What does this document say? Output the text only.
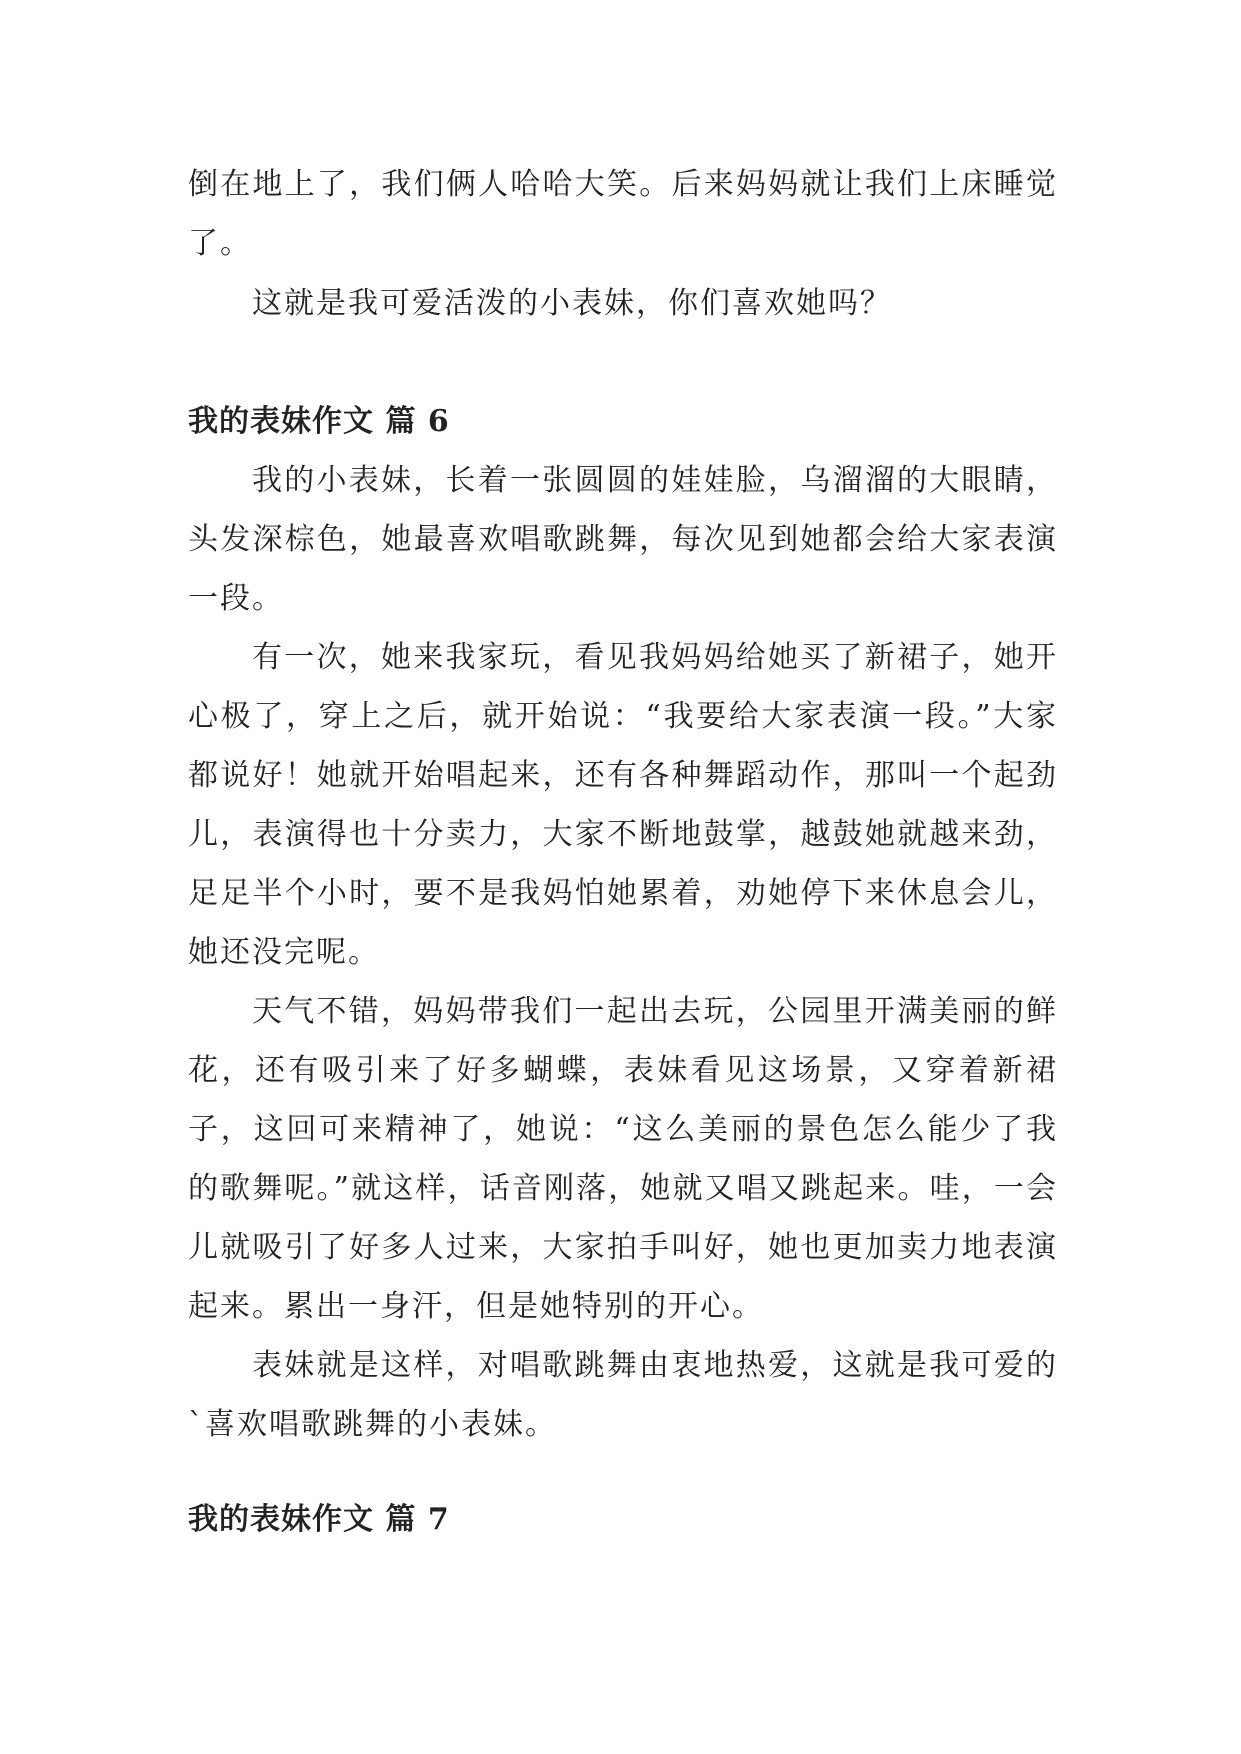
倒在地上了，我们俩人哈哈大笑。后来妈妈就让我们上床睡觉了。

这就是我可爱活泼的小表妹，你们喜欢她吗？

我的表妹作文 篇 6

我的小表妹，长着一张圆圆的娃娃脸，乌溜溜的大眼睛，头发深棕色，她最喜欢唱歌跳舞，每次见到她都会给大家表演一段。

有一次，她来我家玩，看见我妈妈给她买了新裙子，她开心极了，穿上之后，就开始说：“我要给大家表演一段。”大家都说好！她就开始唱起来，还有各种舞蹈动作，那叫一个起劲儿，表演得也十分卖力，大家不断地鼓掌，越鼓她就越来劲，足足半个小时，要不是我妈怕她累着，劝她停下来休息会儿，她还没完呢。

天气不错，妈妈带我们一起出去玩，公园里开满美丽的鲜花，还有吸引来了好多蝴蝶，表妹看见这场景，又穿着新裙子，这回可来精神了，她说：“这么美丽的景色怎么能少了我的歌舞呢。”就这样，话音刚落，她就又唱又跳起来。哇，一会儿就吸引了好多人过来，大家拍手叫好，她也更加卖力地表演起来。累出一身汗，但是她特别的开心。

表妹就是这样，对唱歌跳舞由衷地热爱，这就是我可爱的`喜欢唱歌跳舞的小表妹。

我的表妹作文 篇 7
